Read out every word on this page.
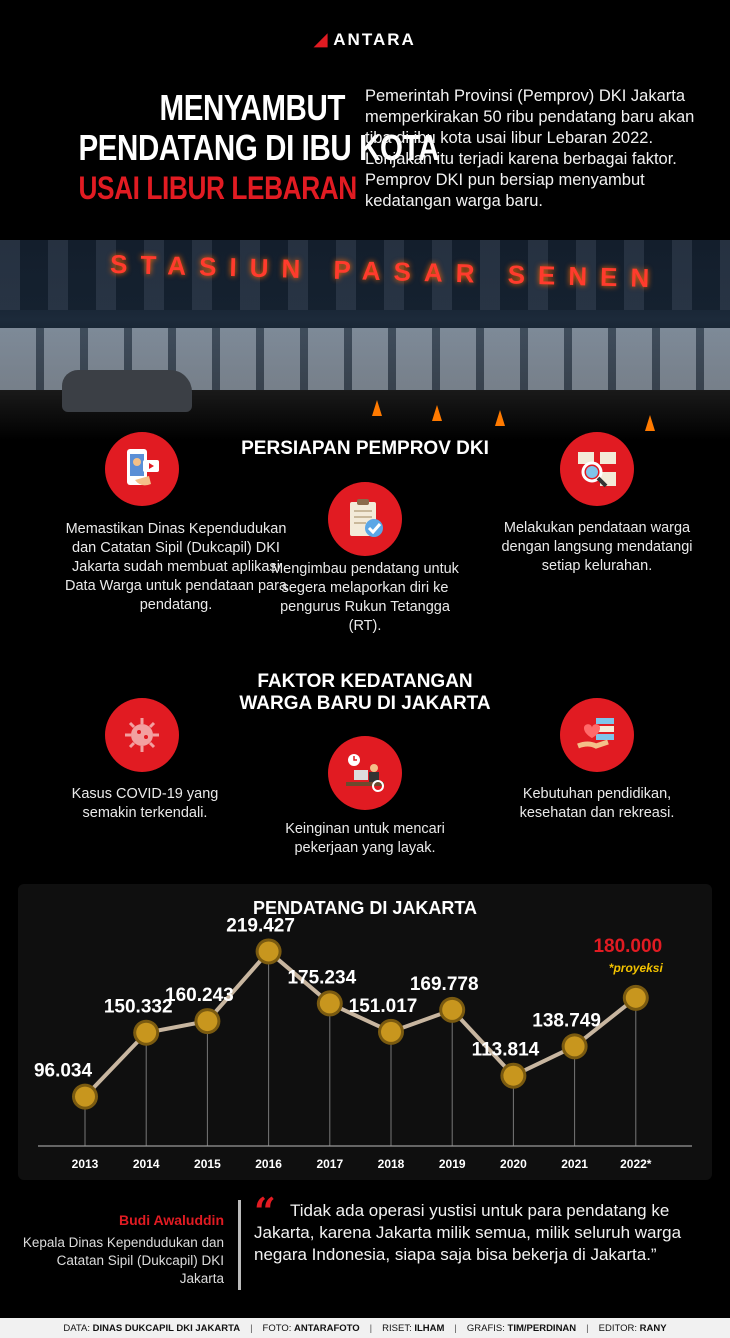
◢ ANTARA
MENYAMBUT
PENDATANG DI IBU KOTA
USAI LIBUR LEBARAN
Pemerintah Provinsi (Pemprov) DKI Jakarta memperkirakan 50 ribu pendatang baru akan tiba di ibu kota usai libur Lebaran 2022. Lonjakan itu terjadi karena berbagai faktor. Pemprov DKI pun bersiap menyambut kedatangan warga baru.
STASIUN PASAR SENEN
PERSIAPAN PEMPROV DKI
Memastikan Dinas Kependudukan dan Catatan Sipil (Dukcapil) DKI Jakarta sudah membuat aplikasi Data Warga untuk pendataan para pendatang.
Mengimbau pendatang untuk segera melaporkan diri ke pengurus Rukun Tetangga (RT).
Melakukan pendataan warga dengan langsung mendatangi setiap kelurahan.
FAKTOR KEDATANGAN
WARGA BARU DI JAKARTA
Kasus COVID-19 yang semakin terkendali.
Keinginan untuk mencari pekerjaan yang layak.
Kebutuhan pendidikan, kesehatan dan rekreasi.
PENDATANG DI JAKARTA
2013	2014	2015	2016	2017	2018	2019	2020	2021	2022*
96.034
150.332
160.243
219.427
175.234
151.017
169.778
113.814
138.749
180.000
*proyeksi
Budi Awaluddin
Kepala Dinas Kependudukan dan Catatan Sipil (Dukcapil) DKI Jakarta
“ Tidak ada operasi yustisi untuk para pendatang ke Jakarta, karena Jakarta milik semua, milik seluruh warga negara Indonesia, siapa saja bisa bekerja di Jakarta.”
DATA: DINAS DUKCAPIL DKI JAKARTA | FOTO: ANTARAFOTO | RISET: ILHAM | GRAFIS: TIM/PERDINAN | EDITOR: RANY
